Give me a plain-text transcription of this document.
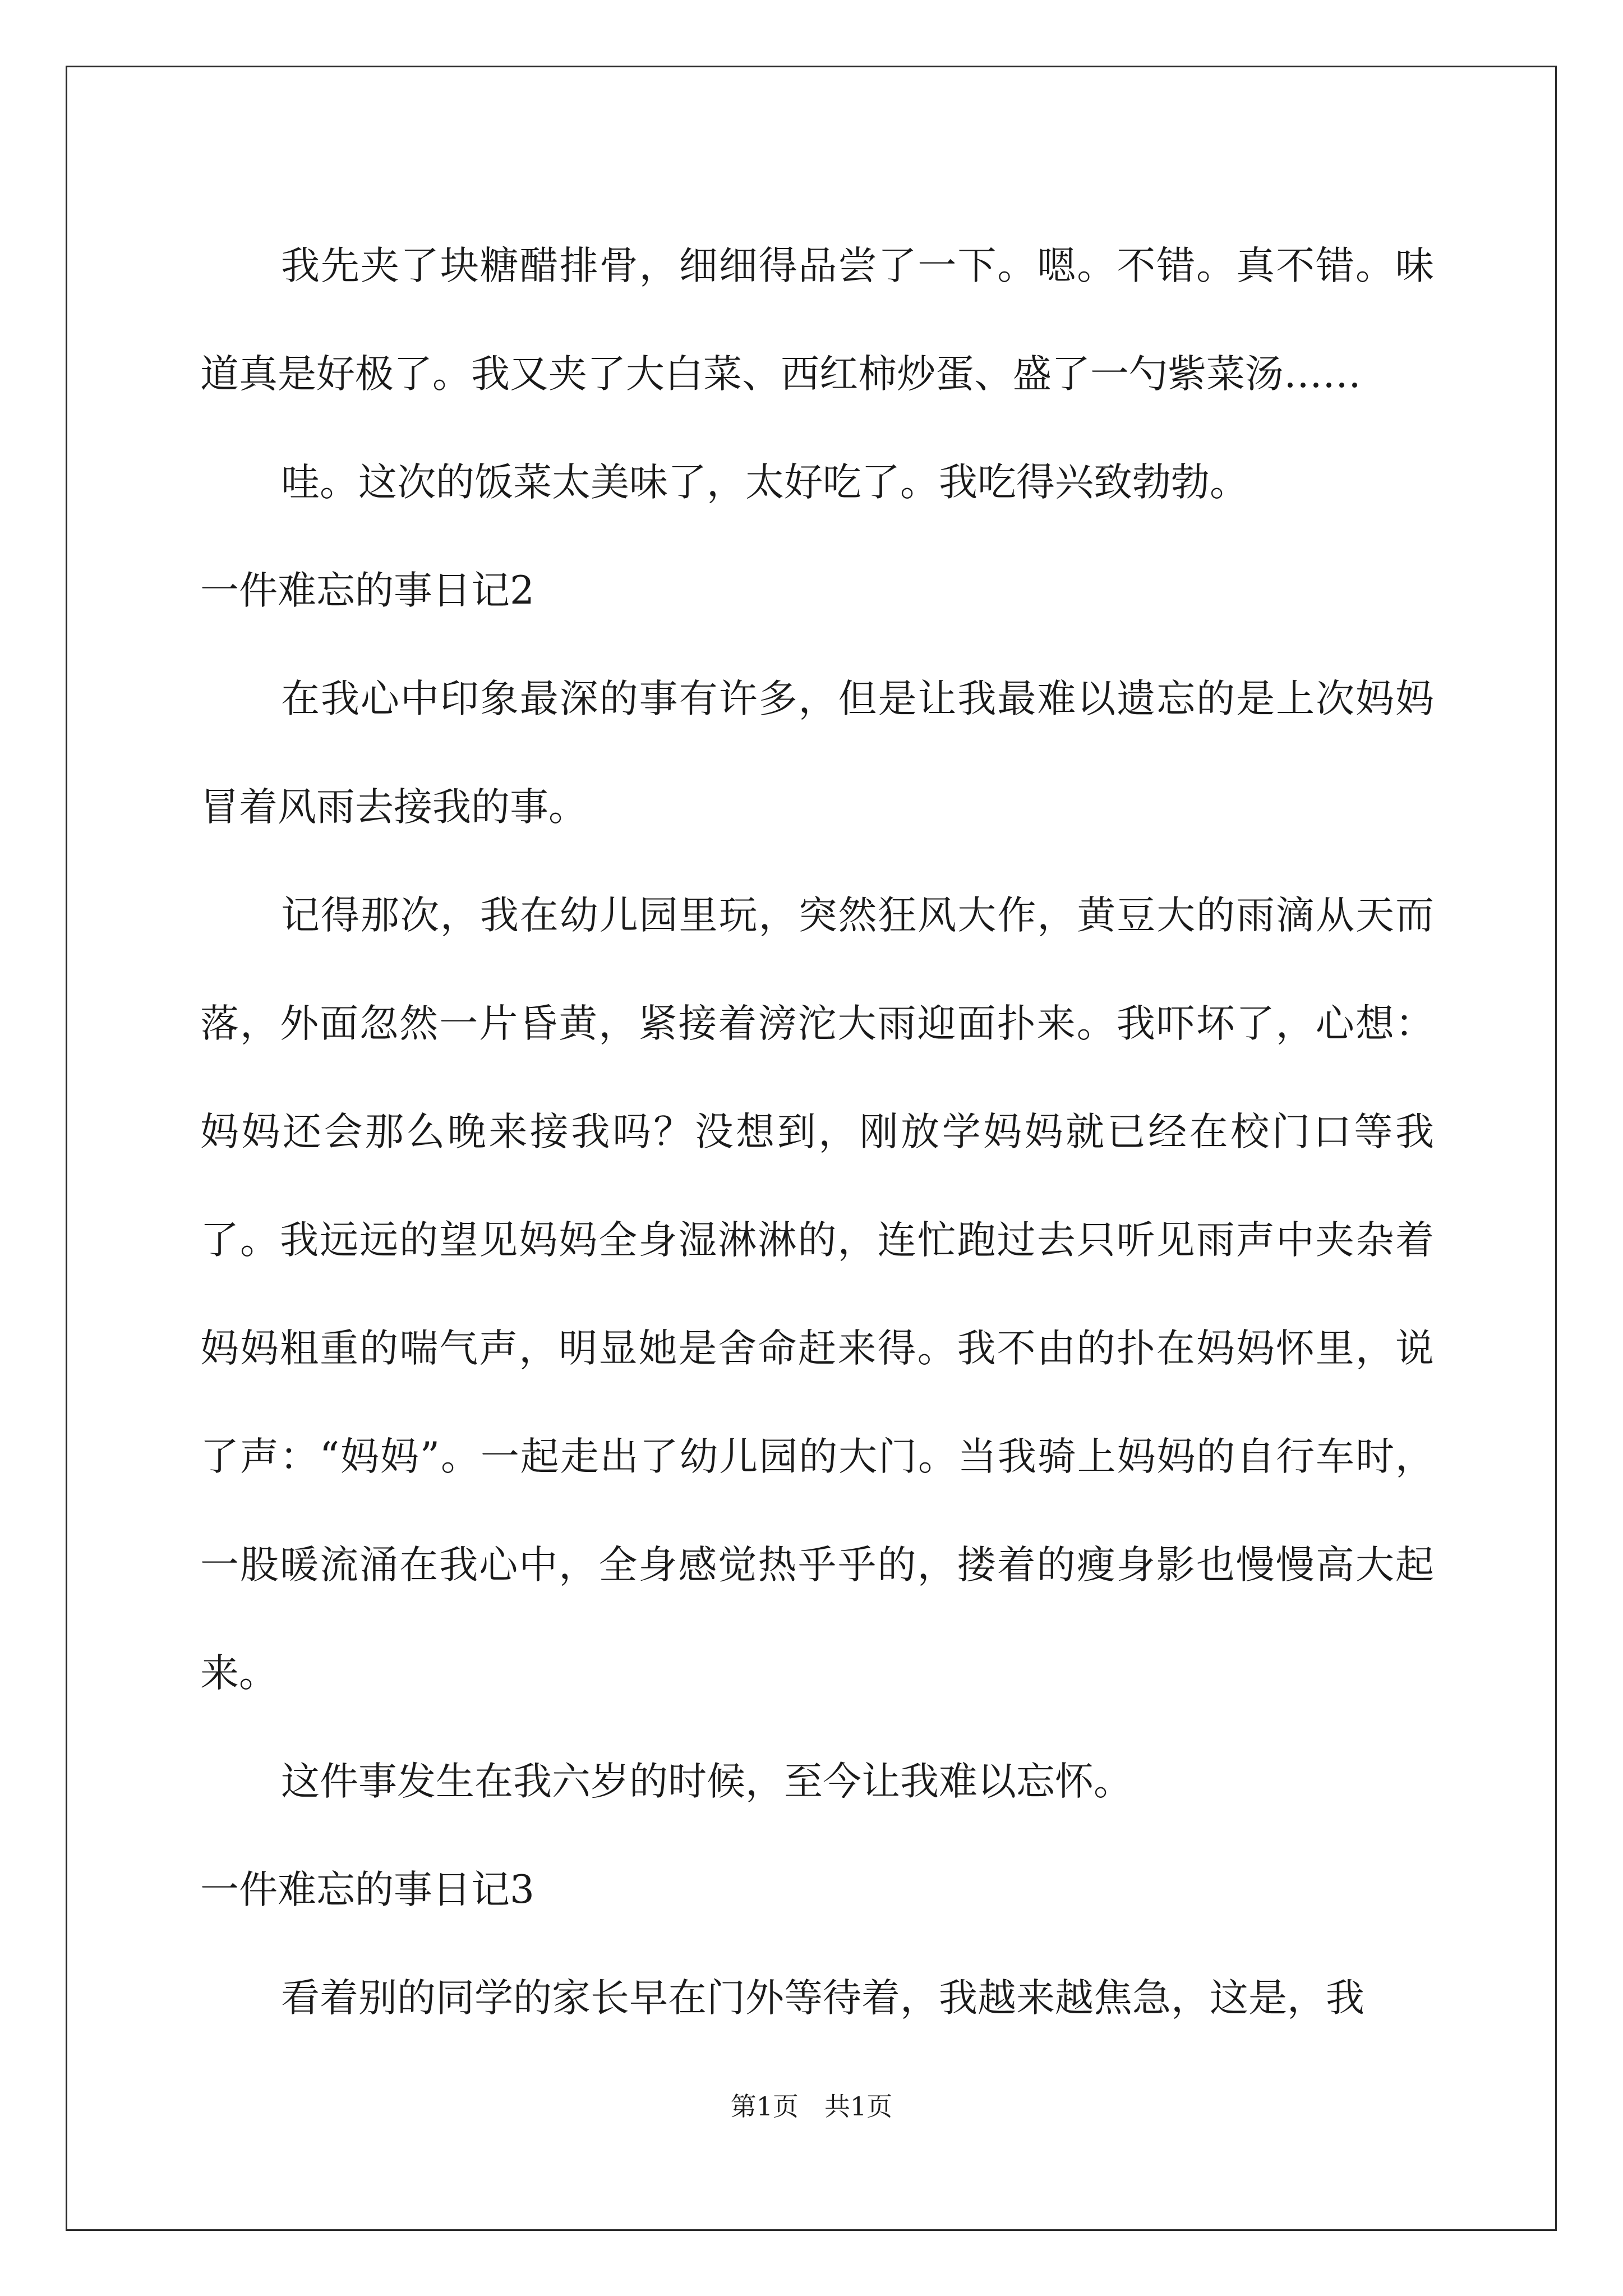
我先夹了块糖醋排骨，细细得品尝了一下。嗯。不错。真不错。味道真是好极了。我又夹了大白菜、西红柿炒蛋、盛了一勺紫菜汤……

哇。这次的饭菜太美味了，太好吃了。我吃得兴致勃勃。

一件难忘的事日记2

在我心中印象最深的事有许多，但是让我最难以遗忘的是上次妈妈冒着风雨去接我的事。

记得那次，我在幼儿园里玩，突然狂风大作，黄豆大的雨滴从天而落，外面忽然一片昏黄，紧接着滂沱大雨迎面扑来。我吓坏了，心想：妈妈还会那么晚来接我吗？没想到，刚放学妈妈就已经在校门口等我了。我远远的望见妈妈全身湿淋淋的，连忙跑过去只听见雨声中夹杂着妈妈粗重的喘气声，明显她是舍命赶来得。我不由的扑在妈妈怀里，说了声：“妈妈”。一起走出了幼儿园的大门。当我骑上妈妈的自行车时，一股暖流涌在我心中，全身感觉热乎乎的，搂着的瘦身影也慢慢高大起来。

这件事发生在我六岁的时候，至今让我难以忘怀。

一件难忘的事日记3

看着别的同学的家长早在门外等待着，我越来越焦急，这是，我

第1页 共1页
